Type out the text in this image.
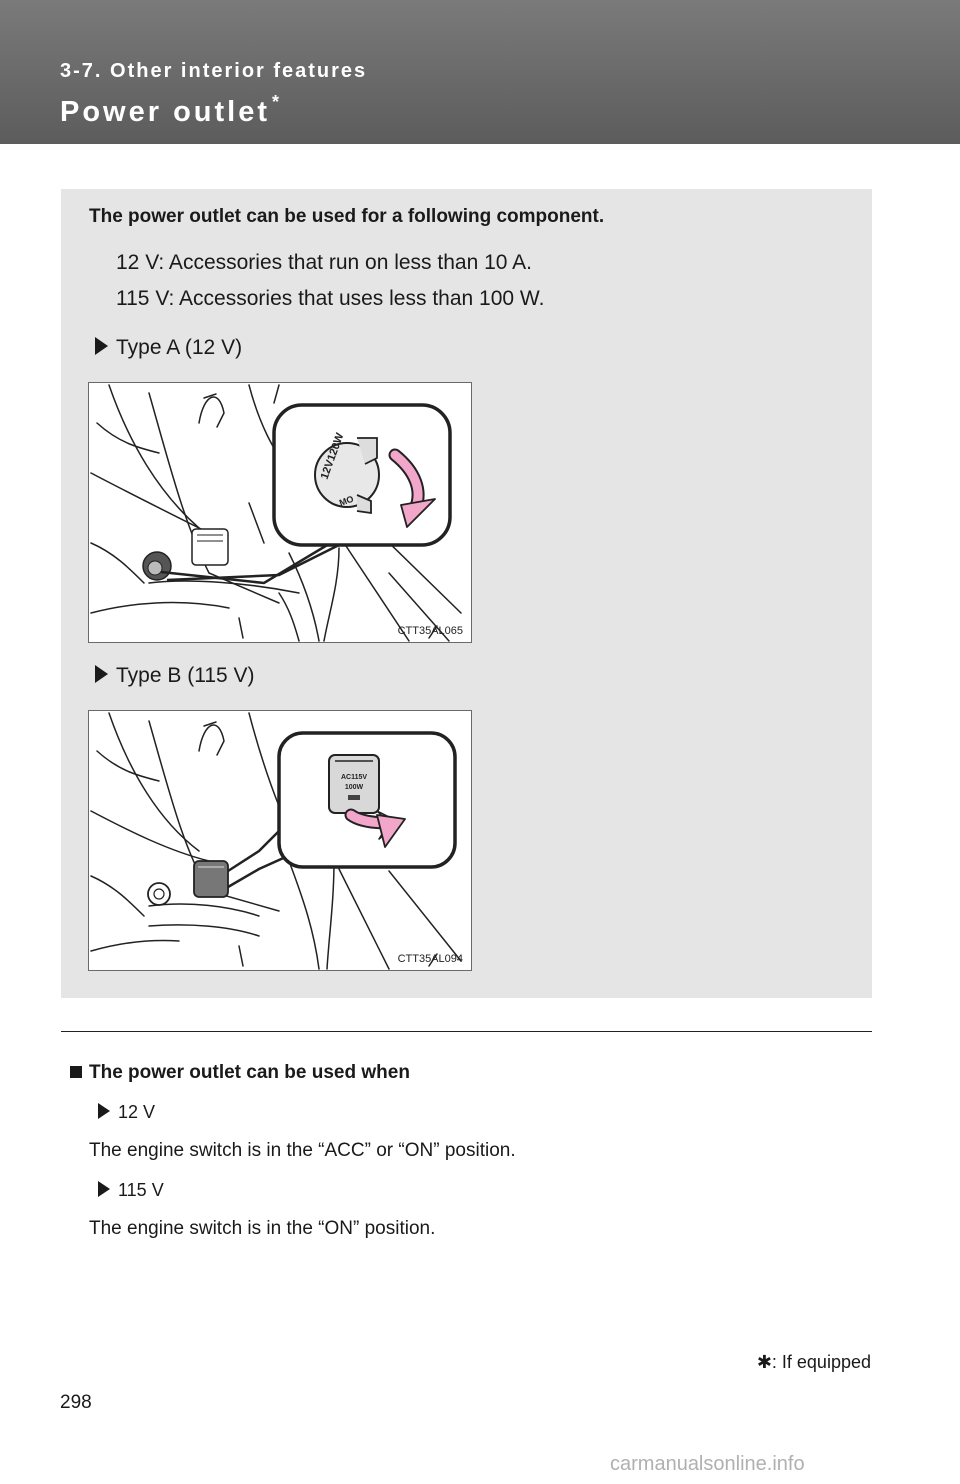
3-7. Other interior features
Power outlet *
The power outlet can be used for a following component.
12 V: Accessories that run on less than 10 A.
115 V: Accessories that uses less than 100 W.
Type A (12 V)
12V120W
MO
CTT35AL065
Type B (115 V)
AC115V
100W
CTT35AL094
The power outlet can be used when
12 V
The engine switch is in the “ACC” or “ON” position.
115 V
The engine switch is in the “ON” position.
✱: If equipped
298
carmanualsonline.info
